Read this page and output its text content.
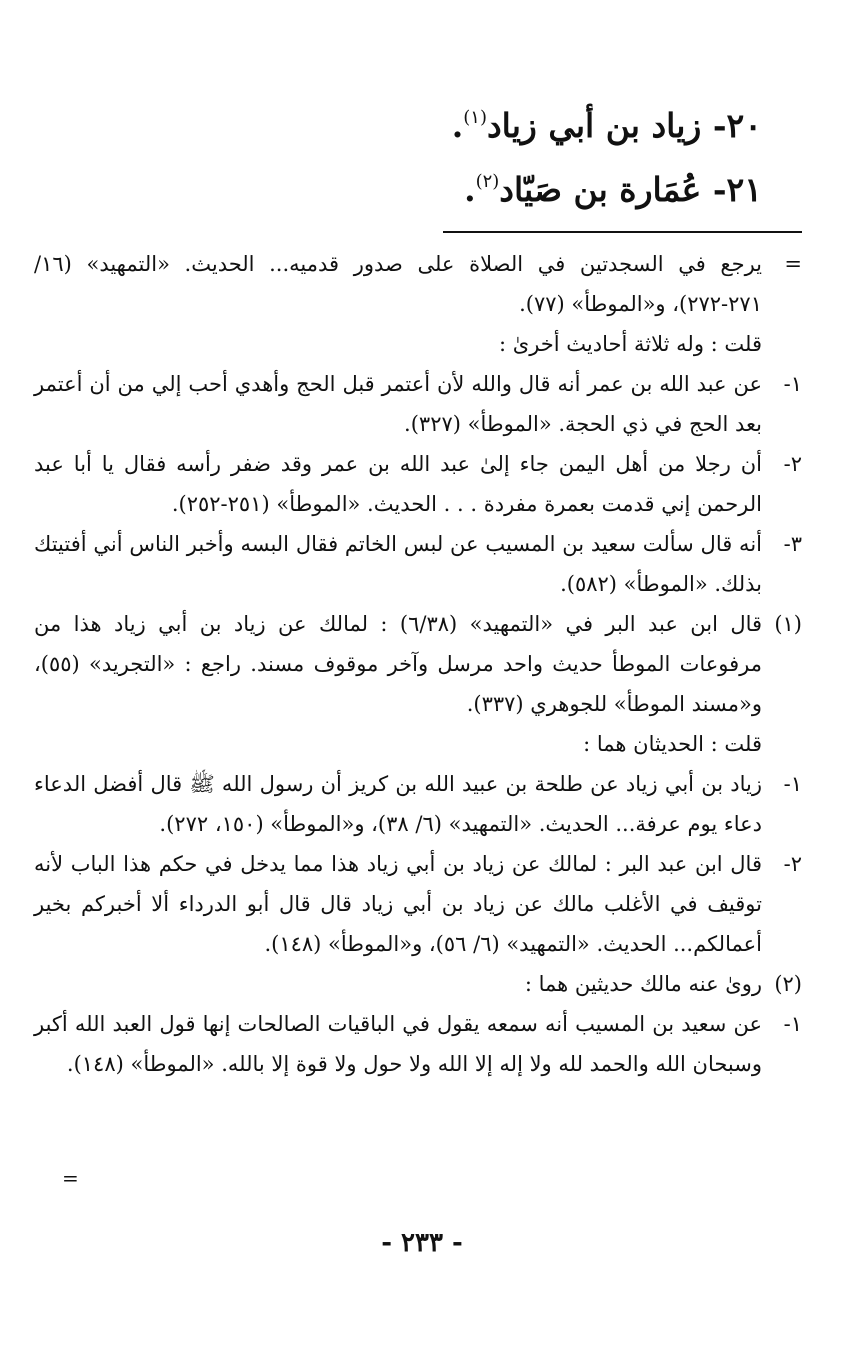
٢٠- زياد بن أبي زياد$^{(١)}$.
٢١- عُمَارة بن صَيّاد$^{(٢)}$.

=
يرجع في السجدتين في الصلاة على صدور قدميه... الحديث. «التمهيد» (١٦/ ٢٧١-٢٧٢)، و«الموطأ» (٧٧).

قلت : وله ثلاثة أحاديث أخرىٰ :

١-
عن عبد الله بن عمر أنه قال والله لأن أعتمر قبل الحج وأهدي أحب إلي من أن أعتمر بعد الحج في ذي الحجة. «الموطأ» (٣٢٧).

٢-
أن رجلا من أهل اليمن جاء إلىٰ عبد الله بن عمر وقد ضفر رأسه فقال يا أبا عبد الرحمن إني قدمت بعمرة مفردة . . . الحديث. «الموطأ» (٢٥١-٢٥٢).

٣-
أنه قال سألت سعيد بن المسيب عن لبس الخاتم فقال البسه وأخبر الناس أني أفتيتك بذلك. «الموطأ» (٥٨٢).

(١)
قال ابن عبد البر في «التمهيد» (٦/٣٨) : لمالك عن زياد بن أبي زياد هذا من مرفوعات الموطأ حديث واحد مرسل وآخر موقوف مسند. راجع : «التجريد» (٥٥)، و«مسند الموطأ» للجوهري (٣٣٧).

قلت : الحديثان هما :

١-
زياد بن أبي زياد عن طلحة بن عبيد الله بن كريز أن رسول الله ﷺ قال أفضل الدعاء دعاء يوم عرفة... الحديث. «التمهيد» (٦/ ٣٨)، و«الموطأ» (١٥٠، ٢٧٢).

٢-
قال ابن عبد البر : لمالك عن زياد بن أبي زياد هذا مما يدخل في حكم هذا الباب لأنه توقيف في الأغلب مالك عن زياد بن أبي زياد قال قال أبو الدرداء ألا أخبركم بخير أعمالكم... الحديث. «التمهيد» (٦/ ٥٦)، و«الموطأ» (١٤٨).

(٢)
روىٰ عنه مالك حديثين هما :

١-
عن سعيد بن المسيب أنه سمعه يقول في الباقيات الصالحات إنها قول العبد الله أكبر وسبحان الله والحمد لله ولا إله إلا الله ولا حول ولا قوة إلا بالله. «الموطأ» (١٤٨).

=
- ٢٣٣ -
